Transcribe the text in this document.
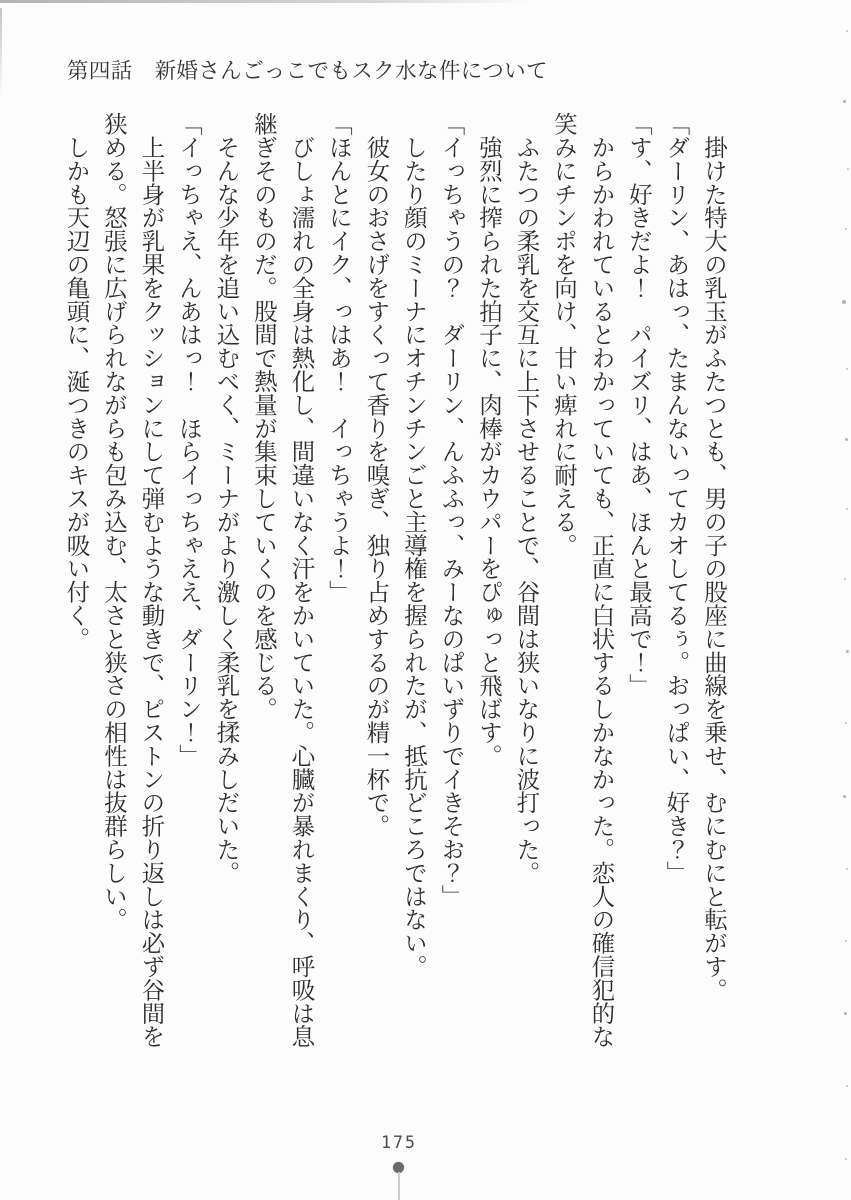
第四話　新婚さんごっこでもスク水な件について
　掛けた特大の乳玉がふたつとも、男の子の股座に曲線を乗せ、むにむにと転がす。
「ダーリン、あはっ、たまんないってカオしてるぅ。おっぱい、好き？」
「す、好きだよ！　パイズリ、はあ、ほんと最高で！」
　からかわれているとわかっていても、正直に白状するしかなかった。恋人の確信犯的な
笑みにチンポを向け、甘い痺れに耐える。
　ふたつの柔乳を交互に上下させることで、谷間は狭いなりに波打った。
　強烈に搾られた拍子に、肉棒がカウパーをぴゅっと飛ばす。
「イっちゃうの？　ダーリン、んふふっ、みーなのぱいずりでイきそお？」
　したり顔のミーナにオチンチンごと主導権を握られたが、抵抗どころではない。
　彼女のおさげをすくって香りを嗅ぎ、独り占めするのが精一杯で。
「ほんとにイク、っはあ！　イっちゃうよ！」
　びしょ濡れの全身は熱化し、間違いなく汗をかいていた。心臓が暴れまくり、呼吸は息
継ぎそのものだ。股間で熱量が集束していくのを感じる。
　そんな少年を追い込むべく、ミーナがより激しく柔乳を揉みしだいた。
「イっちゃえ、んあはっ！　ほらイっちゃええ、ダーリン！」
　上半身が乳果をクッションにして弾むような動きで、ピストンの折り返しは必ず谷間を
狭める。怒張に広げられながらも包み込む、太さと狭さの相性は抜群らしい。
　しかも天辺の亀頭に、涎つきのキスが吸い付く。
175
